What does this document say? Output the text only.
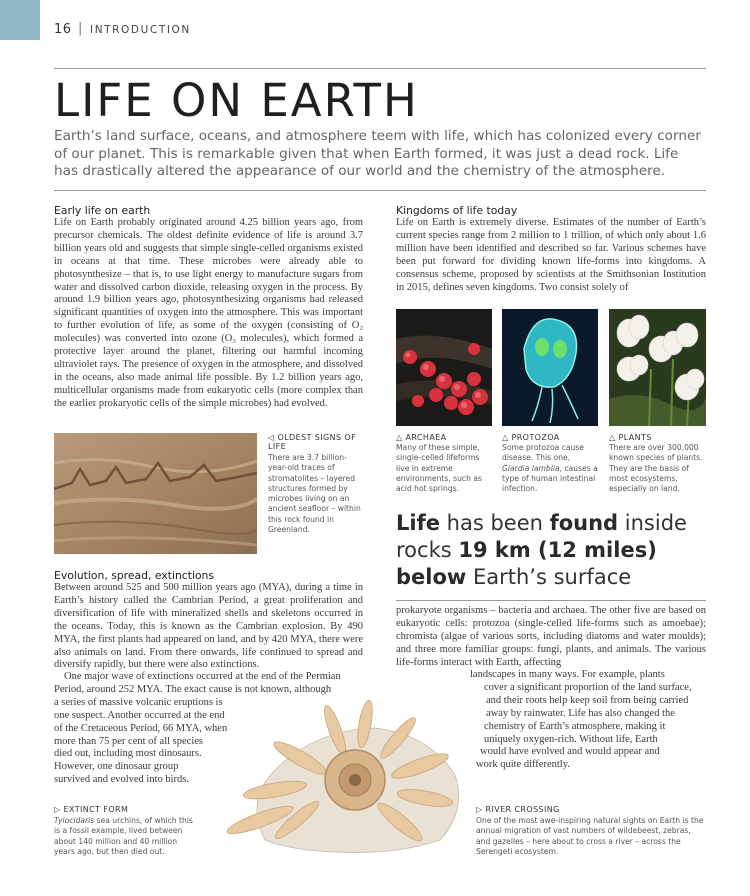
16 | INTRODUCTION
LIFE ON EARTH
Earth’s land surface, oceans, and atmosphere teem with life, which has colonized every corner of our planet. This is remarkable given that when Earth formed, it was just a dead rock. Life has drastically altered the appearance of our world and the chemistry of the atmosphere.
Early life on earth
Life on Earth probably originated around 4.25 billion years ago, from precursor chemicals. The oldest definite evidence of life is around 3.7 billion years old and suggests that simple single-celled organisms existed in oceans at that time. These microbes were already able to photosynthesize – that is, to use light energy to manufacture sugars from water and dissolved carbon dioxide, releasing oxygen in the process. By around 1.9 billion years ago, photosynthesizing organisms had released significant quantities of oxygen into the atmosphere. This was important to further evolution of life, as some of the oxygen (consisting of O₂ molecules) was converted into ozone (O₃ molecules), which formed a protective layer around the planet, filtering out harmful incoming ultraviolet rays. The presence of oxygen in the atmosphere, and dissolved in the oceans, also made animal life possible. By 1.2 billion years ago, multicellular organisms made from eukaryotic cells (more complex than the earlier prokaryotic cells of the simple microbes) had evolved.
◁ OLDEST SIGNS OF LIFE
There are 3.7 billion-year-old traces of stromatolites – layered structures formed by microbes living on an ancient seafloor – within this rock found in Greenland.
Evolution, spread, extinctions
Between around 525 and 500 million years ago (MYA), during a time in Earth’s history called the Cambrian Period, a great proliferation and diversification of life with mineralized shells and skeletons occurred in the oceans. Today, this is known as the Cambrian explosion. By 490 MYA, the first plants had appeared on land, and by 420 MYA, there were also animals on land. From there onwards, life continued to spread and diversify rapidly, but there were also extinctions.
One major wave of extinctions occurred at the end of the Permian
Period, around 252 MYA. The exact cause is not known, although
a series of massive volcanic eruptions is
one suspect. Another occurred at the end
of the Cretaceous Period, 66 MYA, when
more than 75 per cent of all species
died out, including most dinosaurs.
However, one dinosaur group
survived and evolved into birds.
▷ EXTINCT FORM
Tylocidaris sea urchins, of which this is a fossil example, lived between about 140 million and 40 million years ago, but then died out.
Kingdoms of life today
Life on Earth is extremely diverse. Estimates of the number of Earth’s current species range from 2 million to 1 trillion, of which only about 1.6 million have been identified and described so far. Various schemes have been put forward for dividing known life-forms into kingdoms. A consensus scheme, proposed by scientists at the Smithsonian Institution in 2015, defines seven kingdoms. Two consist solely of
△ ARCHAEA
Many of these simple, single-celled lifeforms live in extreme environments, such as acid hot springs.
△ PROTOZOA
Some protozoa cause disease. This one, Giardia lamblia, causes a type of human intestinal infection.
△ PLANTS
There are over 300,000 known species of plants. They are the basis of most ecosystems, especially on land.
Life has been found inside rocks 19 km (12 miles) below Earth’s surface
prokaryote organisms – bacteria and archaea. The other five are based on eukaryotic cells: protozoa (single-celled life-forms such as amoebae); chromista (algae of various sorts, including diatoms and water moulds); and three more familiar groups: fungi, plants, and animals. The various life-forms interact with Earth, affecting
landscapes in many ways. For example, plants
cover a significant proportion of the land surface,
and their roots help keep soil from being carried
away by rainwater. Life has also changed the
chemistry of Earth’s atmosphere, making it
uniquely oxygen-rich. Without life, Earth
would have evolved and would appear and
work quite differently.
▷ RIVER CROSSING
One of the most awe-inspiring natural sights on Earth is the annual migration of vast numbers of wildebeest, zebras, and gazelles – here about to cross a river – across the Serengeti ecosystem.
